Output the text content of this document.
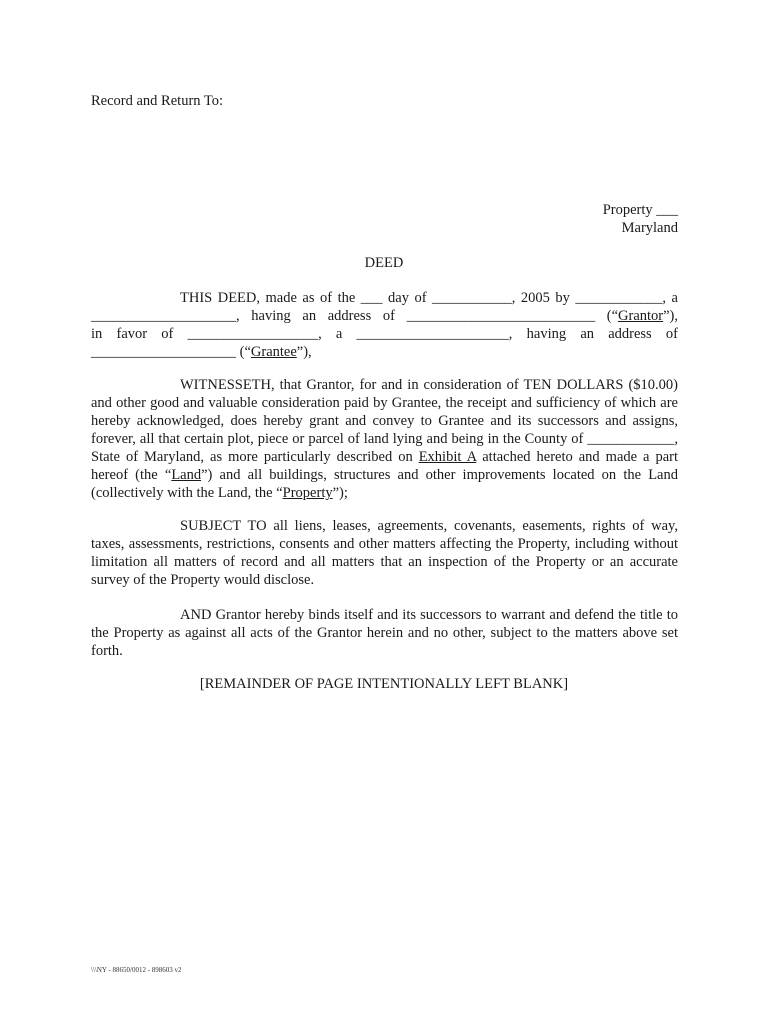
Record and Return To:
Property ___
Maryland
DEED
THIS DEED, made as of the ___ day of ___________, 2005 by ____________, a
____________________, having an address of __________________________ (“Grantor”),
in favor of __________________, a _____________________, having an address of
____________________ (“Grantee”),
WITNESSETH, that Grantor, for and in consideration of TEN DOLLARS ($10.00) and other good and valuable consideration paid by Grantee, the receipt and sufficiency of which are hereby acknowledged, does hereby grant and convey to Grantee and its successors and assigns, forever, all that certain plot, piece or parcel of land lying and being in the County of ____________, State of Maryland, as more particularly described on Exhibit A attached hereto and made a part hereof (the “Land”) and all buildings, structures and other improvements located on the Land (collectively with the Land, the “Property”);
SUBJECT TO all liens, leases, agreements, covenants, easements, rights of way, taxes, assessments, restrictions, consents and other matters affecting the Property, including without limitation all matters of record and all matters that an inspection of the Property or an accurate survey of the Property would disclose.
AND Grantor hereby binds itself and its successors to warrant and defend the title to the Property as against all acts of the Grantor herein and no other, subject to the matters above set forth.
[REMAINDER OF PAGE INTENTIONALLY LEFT BLANK]
\\\NY - 88650/0012 - 898603 v2
